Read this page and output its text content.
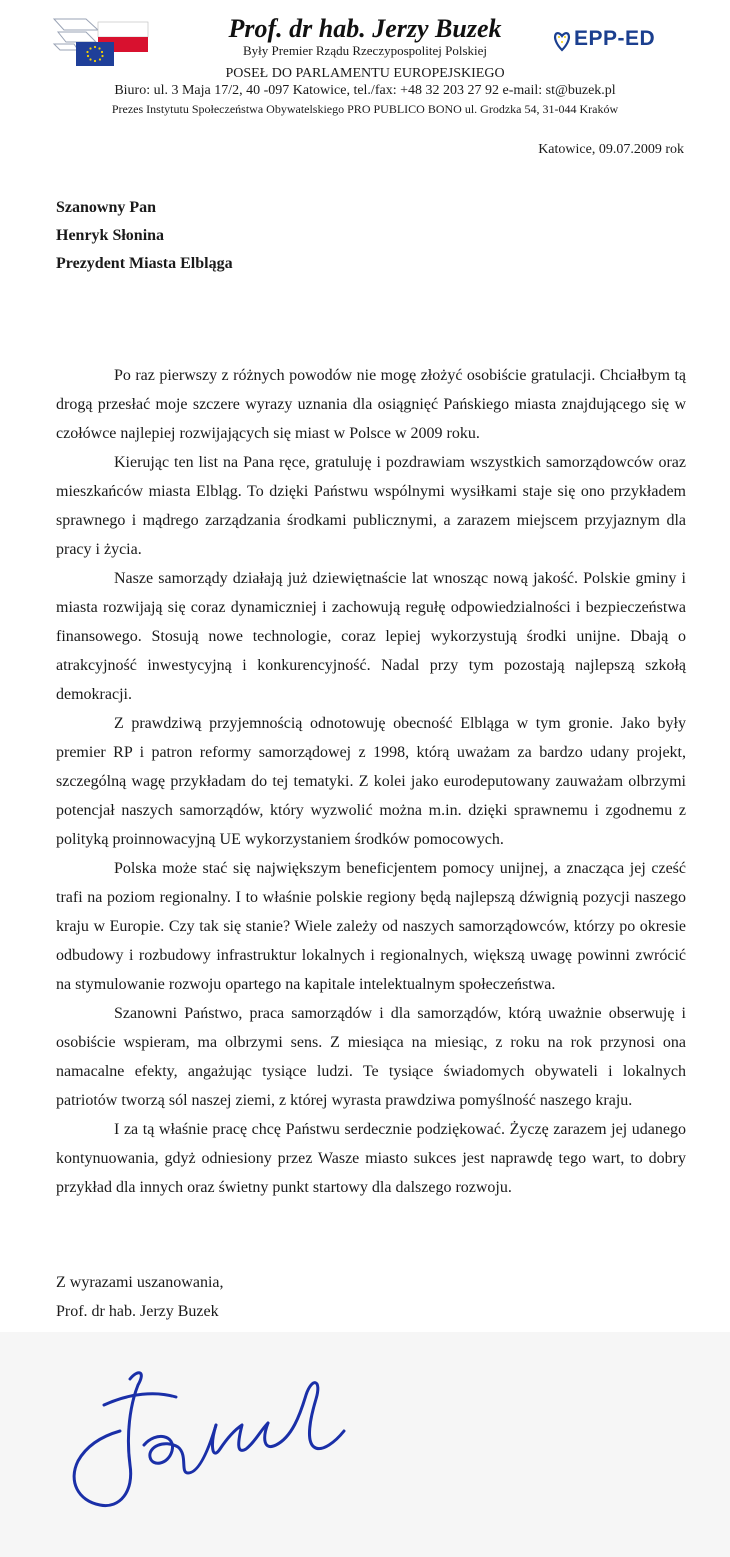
EPP-ED
Prof. dr hab. Jerzy Buzek
Były Premier Rządu Rzeczypospolitej Polskiej
POSEŁ DO PARLAMENTU EUROPEJSKIEGO
Biuro: ul. 3 Maja 17/2, 40 -097 Katowice, tel./fax: +48 32 203 27 92 e-mail: st@buzek.pl
Prezes Instytutu Społeczeństwa Obywatelskiego PRO PUBLICO BONO ul. Grodzka 54, 31-044 Kraków
Katowice, 09.07.2009 rok
Szanowny Pan
Henryk Słonina
Prezydent Miasta Elbląga

Po raz pierwszy z różnych powodów nie mogę złożyć osobiście gratulacji. Chciałbym tą drogą przesłać moje szczere wyrazy uznania dla osiągnięć Pańskiego miasta znajdującego się w czołówce najlepiej rozwijających się miast w Polsce w 2009 roku.

Kierując ten list na Pana ręce, gratuluję i pozdrawiam wszystkich samorządowców oraz mieszkańców miasta Elbląg. To dzięki Państwu wspólnymi wysiłkami staje się ono przykładem sprawnego i mądrego zarządzania środkami publicznymi, a zarazem miejscem przyjaznym dla pracy i życia.

Nasze samorządy działają już dziewiętnaście lat wnosząc nową jakość. Polskie gminy i miasta rozwijają się coraz dynamiczniej i zachowują regułę odpowiedzialności i bezpieczeństwa finansowego. Stosują nowe technologie, coraz lepiej wykorzystują środki unijne. Dbają o atrakcyjność inwestycyjną i konkurencyjność. Nadal przy tym pozostają najlepszą szkołą demokracji.

Z prawdziwą przyjemnością odnotowuję obecność Elbląga w tym gronie. Jako były premier RP i patron reformy samorządowej z 1998, którą uważam za bardzo udany projekt, szczególną wagę przykładam do tej tematyki. Z kolei jako eurodeputowany zauważam olbrzymi potencjał naszych samorządów, który wyzwolić można m.in. dzięki sprawnemu i zgodnemu z polityką proinnowacyjną UE wykorzystaniem środków pomocowych.

Polska może stać się największym beneficjentem pomocy unijnej, a znacząca jej cześć trafi na poziom regionalny. I to właśnie polskie regiony będą najlepszą dźwignią pozycji naszego kraju w Europie. Czy tak się stanie? Wiele zależy od naszych samorządowców, którzy po okresie odbudowy i rozbudowy infrastruktur lokalnych i regionalnych, większą uwagę powinni zwrócić na stymulowanie rozwoju opartego na kapitale intelektualnym społeczeństwa.

Szanowni Państwo, praca samorządów i dla samorządów, którą uważnie obserwuję i osobiście wspieram, ma olbrzymi sens. Z miesiąca na miesiąc, z roku na rok przynosi ona namacalne efekty, angażując tysiące ludzi. Te tysiące świadomych obywateli i lokalnych patriotów tworzą sól naszej ziemi, z której wyrasta prawdziwa pomyślność naszego kraju.

I za tą właśnie pracę chcę Państwu serdecznie podziękować. Życzę zarazem jej udanego kontynuowania, gdyż odniesiony przez Wasze miasto sukces jest naprawdę tego wart, to dobry przykład dla innych oraz świetny punkt startowy dla dalszego rozwoju.

Z wyrazami uszanowania,
Prof. dr hab. Jerzy Buzek
